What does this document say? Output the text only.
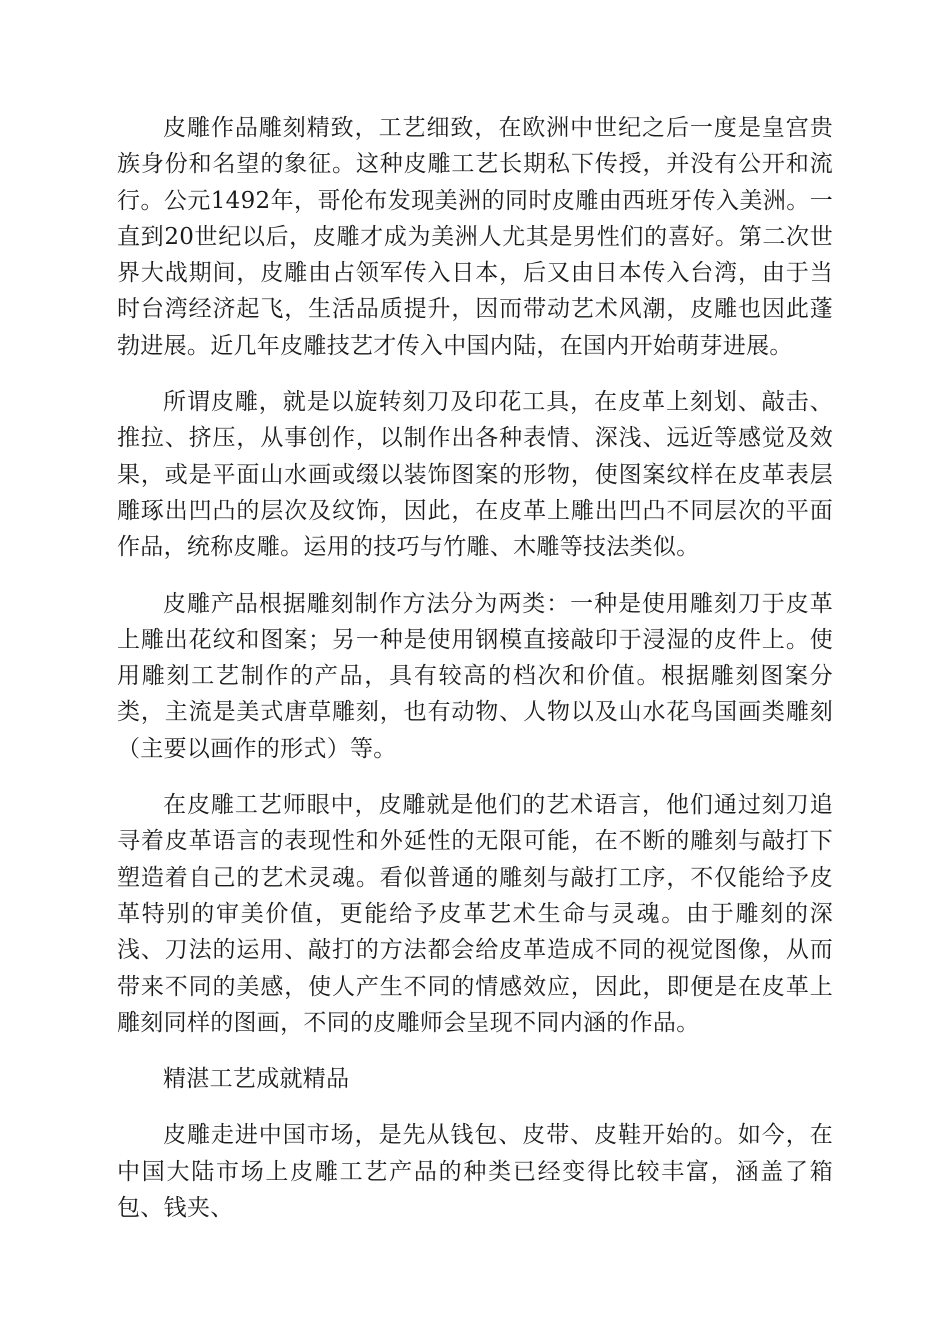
皮雕作品雕刻精致，工艺细致，在欧洲中世纪之后一度是皇宫贵族身份和名望的象征。这种皮雕工艺长期私下传授，并没有公开和流行。公元1492年，哥伦布发现美洲的同时皮雕由西班牙传入美洲。一直到20世纪以后，皮雕才成为美洲人尤其是男性们的喜好。第二次世界大战期间，皮雕由占领军传入日本，后又由日本传入台湾，由于当时台湾经济起飞，生活品质提升，因而带动艺术风潮，皮雕也因此蓬勃进展。近几年皮雕技艺才传入中国内陆，在国内开始萌芽进展。

所谓皮雕，就是以旋转刻刀及印花工具，在皮革上刻划、敲击、推拉、挤压，从事创作，以制作出各种表情、深浅、远近等感觉及效果，或是平面山水画或缀以装饰图案的形物，使图案纹样在皮革表层雕琢出凹凸的层次及纹饰，因此，在皮革上雕出凹凸不同层次的平面作品，统称皮雕。运用的技巧与竹雕、木雕等技法类似。

皮雕产品根据雕刻制作方法分为两类：一种是使用雕刻刀于皮革上雕出花纹和图案；另一种是使用钢模直接敲印于浸湿的皮件上。使用雕刻工艺制作的产品，具有较高的档次和价值。根据雕刻图案分类，主流是美式唐草雕刻，也有动物、人物以及山水花鸟国画类雕刻（主要以画作的形式）等。

在皮雕工艺师眼中，皮雕就是他们的艺术语言，他们通过刻刀追寻着皮革语言的表现性和外延性的无限可能，在不断的雕刻与敲打下塑造着自己的艺术灵魂。看似普通的雕刻与敲打工序，不仅能给予皮革特别的审美价值，更能给予皮革艺术生命与灵魂。由于雕刻的深浅、刀法的运用、敲打的方法都会给皮革造成不同的视觉图像，从而带来不同的美感，使人产生不同的情感效应，因此，即便是在皮革上雕刻同样的图画，不同的皮雕师会呈现不同内涵的作品。

精湛工艺成就精品

皮雕走进中国市场，是先从钱包、皮带、皮鞋开始的。如今，在中国大陆市场上皮雕工艺产品的种类已经变得比较丰富，涵盖了箱包、钱夹、
